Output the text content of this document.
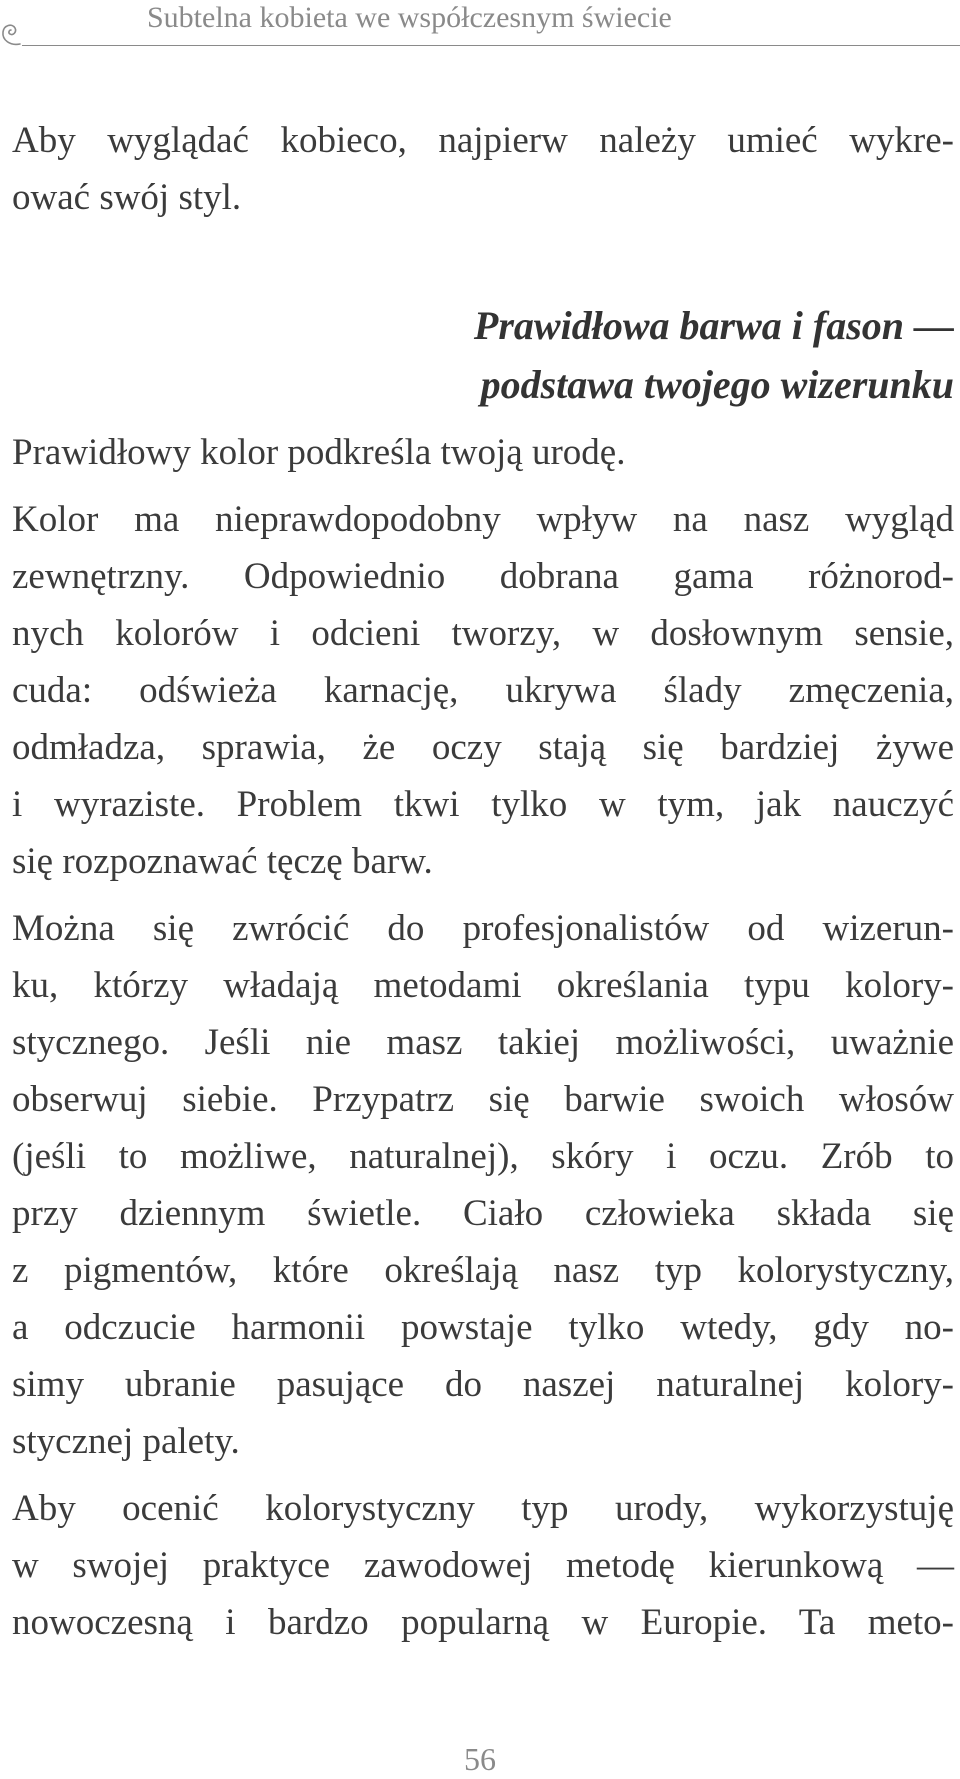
Subtelna kobieta we współczesnym świecie

Aby wyglądać kobieco, najpierw należy umieć wykre-
ować swój styl.

Prawidłowa barwa i fason —
podstawa twojego wizerunku

Prawidłowy kolor podkreśla twoją urodę.

Kolor ma nieprawdopodobny wpływ na nasz wygląd
zewnętrzny. Odpowiednio dobrana gama różnorod-
nych kolorów i odcieni tworzy, w dosłownym sensie,
cuda: odświeża karnację, ukrywa ślady zmęczenia,
odmładza, sprawia, że oczy stają się bardziej żywe
i wyraziste. Problem tkwi tylko w tym, jak nauczyć
się rozpoznawać tęczę barw.

Można się zwrócić do profesjonalistów od wizerun-
ku, którzy władają metodami określania typu kolory-
stycznego. Jeśli nie masz takiej możliwości, uważnie
obserwuj siebie. Przypatrz się barwie swoich włosów
(jeśli to możliwe, naturalnej), skóry i oczu. Zrób to
przy dziennym świetle. Ciało człowieka składa się
z pigmentów, które określają nasz typ kolorystyczny,
a odczucie harmonii powstaje tylko wtedy, gdy no-
simy ubranie pasujące do naszej naturalnej kolory-
stycznej palety.

Aby ocenić kolorystyczny typ urody, wykorzystuję
w swojej praktyce zawodowej metodę kierunkową —
nowoczesną i bardzo popularną w Europie. Ta meto-

56
